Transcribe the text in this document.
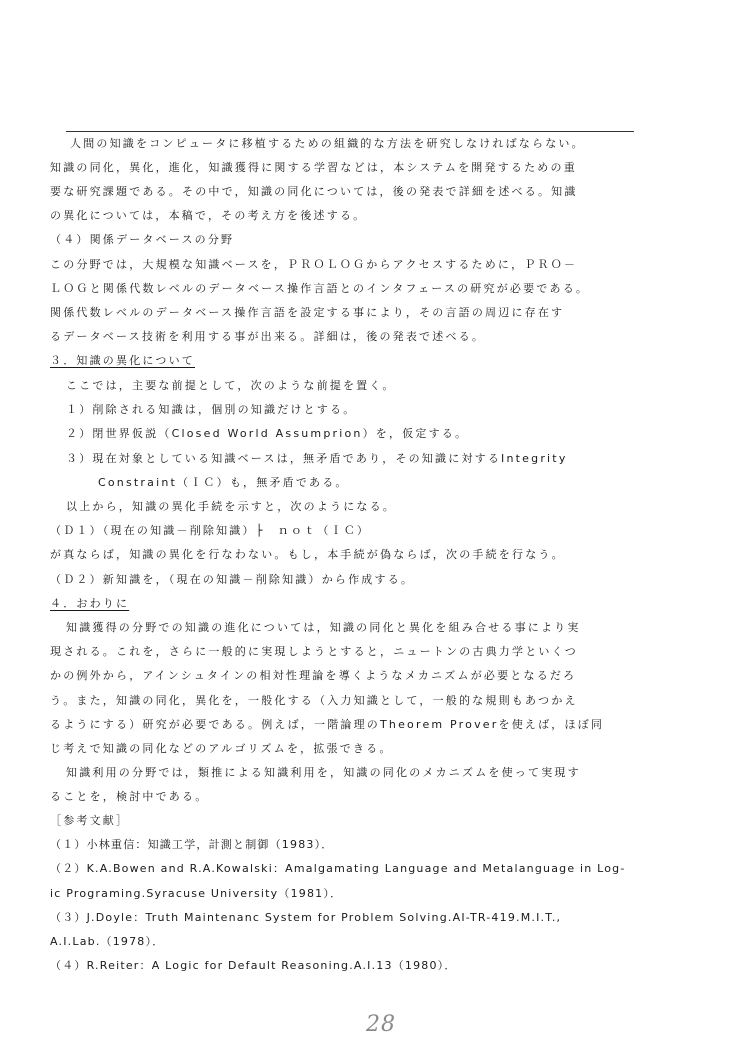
人間の知識をコンピュータに移植するための組織的な方法を研究しなければならない。
知識の同化，異化，進化，知識獲得に関する学習などは，本システムを開発するための重
要な研究課題である。その中で，知識の同化については，後の発表で詳細を述べる。知識
の異化については，本稿で，その考え方を後述する。
（４）関係データベースの分野
この分野では，大規模な知識ベースを，ＰＲＯＬＯＧからアクセスするために，ＰＲＯ－
ＬＯＧと関係代数レベルのデータベース操作言語とのインタフェースの研究が必要である。
関係代数レベルのデータベース操作言語を設定する事により，その言語の周辺に存在す
るデータベース技術を利用する事が出来る。詳細は，後の発表で述べる。
３．知識の異化について
ここでは，主要な前提として，次のような前提を置く。
１）削除される知識は，個別の知識だけとする。
２）閉世界仮説（Closed World Assumprion）を，仮定する。
３）現在対象としている知識ベースは，無矛盾であり，その知識に対するIntegrity
Constraint（ＩＣ）も，無矛盾である。
以上から，知識の異化手続を示すと，次のようになる。
（Ｄ１）（現在の知識－削除知識）├　ｎｏｔ（ＩＣ）
が真ならば，知識の異化を行なわない。もし，本手続が偽ならば，次の手続を行なう。
（Ｄ２）新知識を，（現在の知識－削除知識）から作成する。
４．おわりに
知識獲得の分野での知識の進化については，知識の同化と異化を組み合せる事により実
現される。これを，さらに一般的に実現しようとすると，ニュートンの古典力学といくつ
かの例外から，アインシュタインの相対性理論を導くようなメカニズムが必要となるだろ
う。また，知識の同化，異化を，一般化する（入力知識として，一般的な規則もあつかえ
るようにする）研究が必要である。例えば，一階論理のTheorem Proverを使えば，ほぼ同
じ考えで知識の同化などのアルゴリズムを，拡張できる。
知識利用の分野では，類推による知識利用を，知識の同化のメカニズムを使って実現す
ることを，検討中である。
［参考文献］
（１）小林重信：知識工学，計測と制御（1983）．
（２）K.A.Bowen and R.A.Kowalski：Amalgamating Language and Metalanguage in Log-
ic Programing.Syracuse University（1981）．
（３）J.Doyle：Truth Maintenanc System for Problem Solving.AI-TR-419.M.I.T.,
A.I.Lab.（1978）．
（４）R.Reiter：A Logic for Default Reasoning.A.I.13（1980）．
28
